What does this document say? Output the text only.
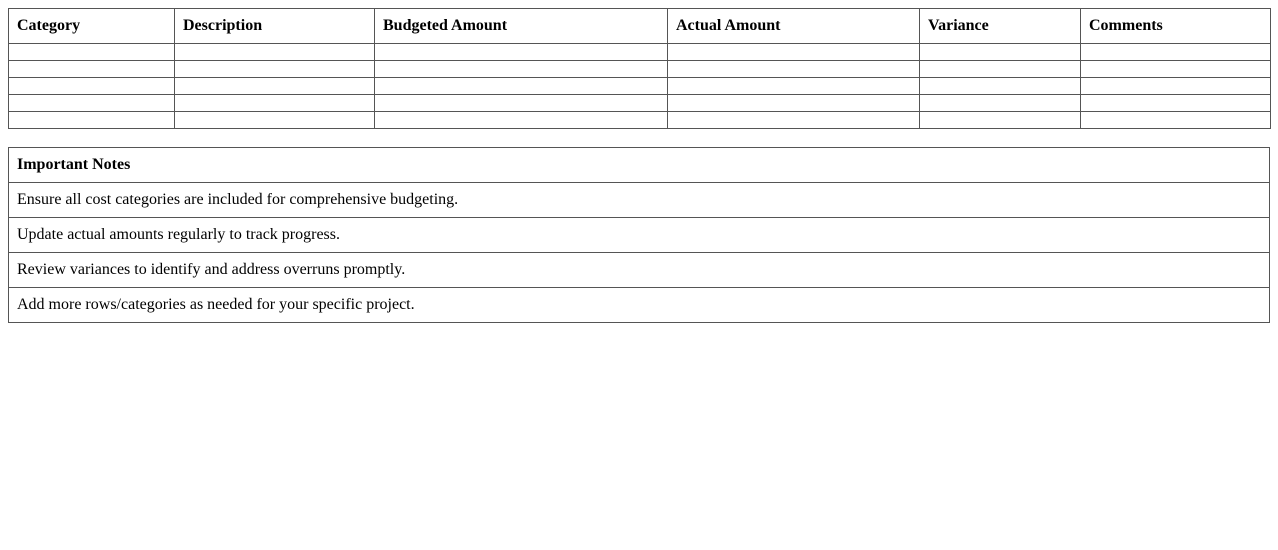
Category	Description	Budgeted Amount	Actual Amount	Variance	Comments

Important Notes
Ensure all cost categories are included for comprehensive budgeting.
Update actual amounts regularly to track progress.
Review variances to identify and address overruns promptly.
Add more rows/categories as needed for your specific project.
